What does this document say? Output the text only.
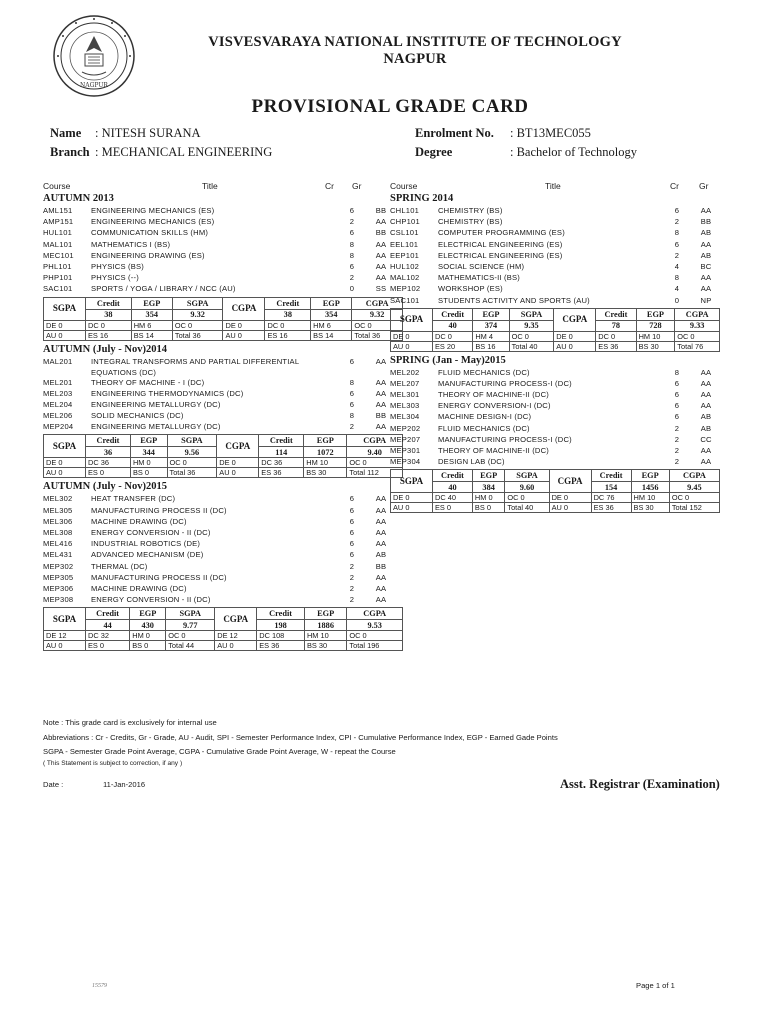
NAGPUR
VISVESVARAYA NATIONAL INSTITUTE OF TECHNOLOGY NAGPUR
PROVISIONAL GRADE CARD
Name : NITESH SURANA
Branch : MECHANICAL ENGINEERING
Enrolment No. : BT13MEC055
Degree	: Bachelor of Technology
Course	Title	Cr Gr	Course	Title	Cr Gr
AUTUMN 2013
AML151	ENGINEERING MECHANICS (ES)	6	BB
AMP151	ENGINEERING MECHANICS (ES)	2	AA
HUL101	COMMUNICATION SKILLS (HM)	6	BB
MAL101	MATHEMATICS I (BS)	8	AA
MEC101	ENGINEERING DRAWING (ES)	8	AA
PHL101	PHYSICS (BS)	6	AA
PHP101	PHYSICS (--)	2	AA
SAC101	SPORTS / YOGA / LIBRARY / NCC (AU)	0	SS
SGPA	Credit	EGP	SGPA	CGPA	Credit	EGP	CGPA
	38	354	9.32		38	354	9.32
DE 0	DC 0	HM 6	OC 0	DE 0	DC 0	HM 6	OC 0
AU 0	ES 16	BS 14	Total 36	AU 0	ES 16	BS 14	Total 36
AUTUMN (July - Nov)2014
MAL201	INTEGRAL TRANSFORMS AND PARTIAL DIFFERENTIAL EQUATIONS (DC)
6	AA
MEL201	THEORY OF MACHINE - I (DC)	8	AA
MEL203	ENGINEERING THERMODYNAMICS (DC)	6	AA
MEL204	ENGINEERING METALLURGY (DC)	6	AA
MEL206	SOLID MECHANICS (DC)	8	BB
MEP204	ENGINEERING METALLURGY (DC)	2	AA
SGPA	Credit	EGP	SGPA	CGPA	Credit	EGP	CGPA
	36	344	9.56		114	1072	9.40
DE 0	DC 36	HM 0	OC 0	DE 0	DC 36	HM 10	OC 0
AU 0	ES 0	BS 0	Total 36	AU 0	ES 36	BS 30	Total 112
AUTUMN (July - Nov)2015
MEL302	HEAT TRANSFER (DC)	6	AA
MEL305	MANUFACTURING PROCESS II (DC)	6	AA
MEL306	MACHINE DRAWING (DC)	6	AA
MEL308	ENERGY CONVERSION - II (DC)	6	AA
MEL416	INDUSTRIAL ROBOTICS (DE)	6	AA
MEL431	ADVANCED MECHANISM (DE)	6	AB
MEP302	THERMAL (DC)	2	BB
MEP305	MANUFACTURING PROCESS II (DC)	2	AA
MEP306	MACHINE DRAWING (DC)	2	AA
MEP308	ENERGY CONVERSION - II (DC)	2	AA
SGPA	Credit	EGP	SGPA	CGPA	Credit	EGP	CGPA
	44	430	9.77		198	1886	9.53
DE 12	DC 32	HM 0	OC 0	DE 12	DC 108	HM 10	OC 0
AU 0	ES 0	BS 0	Total 44	AU 0	ES 36	BS 30	Total 196
SPRING 2014
CHL101	CHEMISTRY (BS)	6	AA
CHP101	CHEMISTRY (BS)	2	BB
CSL101	COMPUTER PROGRAMMING (ES)	8	AB
EEL101	ELECTRICAL ENGINEERING (ES)	6	AA
EEP101	ELECTRICAL ENGINEERING (ES)	2	AB
HUL102	SOCIAL SCIENCE (HM)	4	BC
MAL102	MATHEMATICS-II (BS)	8	AA
MEP102	WORKSHOP (ES)	4	AA
SAC101	STUDENTS ACTIVITY AND SPORTS (AU)	0	NP
SGPA	Credit	EGP	SGPA	CGPA	Credit	EGP	CGPA
	40	374	9.35		78	728	9.33
DE 0	DC 0	HM 4	OC 0	DE 0	DC 0	HM 10	OC 0
AU 0	ES 20	BS 16	Total 40	AU 0	ES 36	BS 30	Total 76
SPRING (Jan - May)2015
MEL202	FLUID MECHANICS (DC)	8	AA
MEL207	MANUFACTURING PROCESS-I (DC)	6	AA
MEL301	THEORY OF MACHINE-II (DC)	6	AA
MEL303	ENERGY CONVERSION-I (DC)	6	AA
MEL304	MACHINE DESIGN-I (DC)	6	AB
MEP202	FLUID MECHANICS (DC)	2	AB
MEP207	MANUFACTURING PROCESS-I (DC)	2	CC
MEP301	THEORY OF MACHINE-II (DC)	2	AA
MEP304	DESIGN LAB (DC)	2	AA
SGPA	Credit	EGP	SGPA	CGPA	Credit	EGP	CGPA
	40	384	9.60		154	1456	9.45
DE 0	DC 40	HM 0	OC 0	DE 0	DC 76	HM 10	OC 0
AU 0	ES 0	BS 0	Total 40	AU 0	ES 36	BS 30	Total 152
Note : This grade card is exclusively for internal use
Abbreviations : Cr - Credits, Gr - Grade, AU - Audit, SPI - Semester Performance Index, CPI - Cumulative Performance Index, EGP - Earned Gade Points
SGPA - Semester Grade Point Average, CGPA - Cumulative Grade Point Average, W - repeat the Course
( This Statement is subject to correction, if any )
Date :	11-Jan-2016	Asst. Registrar (Examination)
15579	Page 1 of 1
